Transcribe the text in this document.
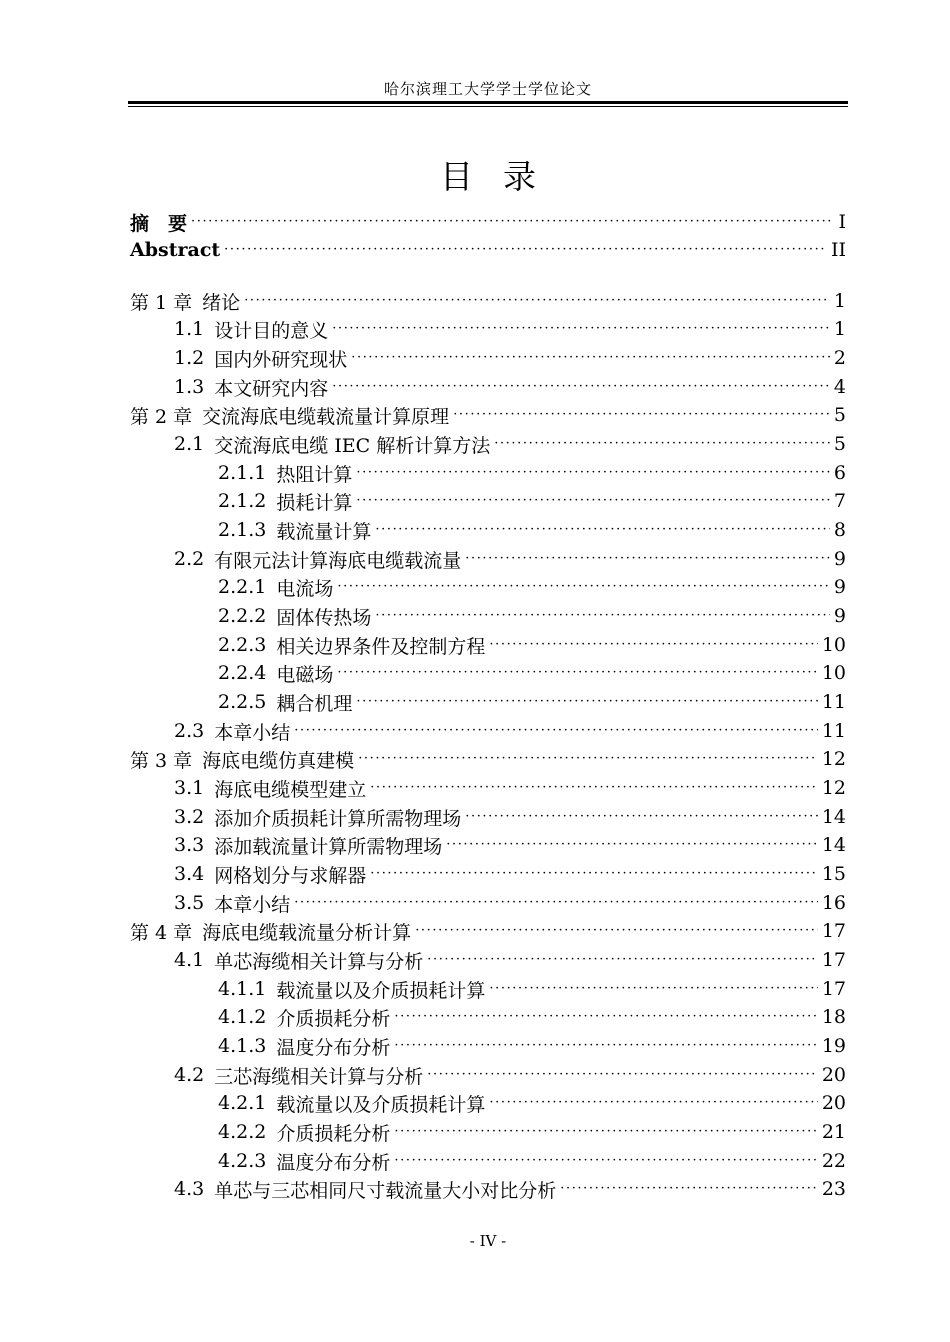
哈尔滨理工大学学士学位论文
目录
摘　要 ·····	I
Abstract ·····	II
第 1 章 绪论 ·····	1
1.1 设计目的意义 ·····	1
1.2 国内外研究现状 ·····	2
1.3 本文研究内容 ·····	4
第 2 章 交流海底电缆载流量计算原理 ·····	5
2.1 交流海底电缆 IEC 解析计算方法 ·····	5
2.1.1 热阻计算 ·····	6
2.1.2 损耗计算 ·····	7
2.1.3 载流量计算 ·····	8
2.2 有限元法计算海底电缆载流量 ·····	9
2.2.1 电流场 ·····	9
2.2.2 固体传热场 ·····	9
2.2.3 相关边界条件及控制方程 ·····	10
2.2.4 电磁场 ·····	10
2.2.5 耦合机理 ·····	11
2.3 本章小结 ·····	11
第 3 章 海底电缆仿真建模 ·····	12
3.1 海底电缆模型建立 ·····	12
3.2 添加介质损耗计算所需物理场 ·····	14
3.3 添加载流量计算所需物理场 ·····	14
3.4 网格划分与求解器 ·····	15
3.5 本章小结 ·····	16
第 4 章 海底电缆载流量分析计算 ·····	17
4.1 单芯海缆相关计算与分析 ·····	17
4.1.1 载流量以及介质损耗计算 ·····	17
4.1.2 介质损耗分析 ·····	18
4.1.3 温度分布分析 ·····	19
4.2 三芯海缆相关计算与分析 ·····	20
4.2.1 载流量以及介质损耗计算 ·····	20
4.2.2 介质损耗分析 ·····	21
4.2.3 温度分布分析 ·····	22
4.3 单芯与三芯相同尺寸载流量大小对比分析 ·····	23
- IV -
